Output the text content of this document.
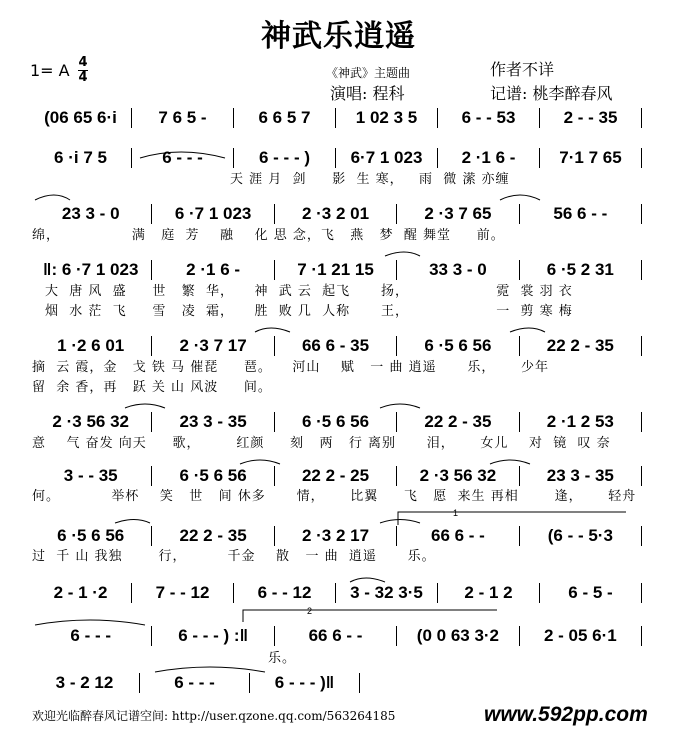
神武乐逍遥
1= A 4
4	《神武》主题曲	作者不详
演唱: 程科	记谱: 桃李醉春风
(06 65 6·i	7 6 5 -	6 6 5 7	1 02 3 5	6 - - 53	2 - - 35
6 ·i 7 5	6 - - -	6 - - - )	6·7 1 023	2 ·1 6 -	7·1 7 65
23 3 - 0	6 ·7 1 023	2 ·3 2 01	2 ·3 7 65	56 6 - -
‖: 6 ·7 1 023	2 ·1 6 -	7 ·1 21 15	33 3 - 0	6 ·5 2 31
1 ·2 6 01	2 ·3 7 17	66 6 - 35	6 ·5 6 56	22 2 - 35
2 ·3 56 32	23 3 - 35	6 ·5 6 56	22 2 - 35	2 ·1 2 53
3 - - 35	6 ·5 6 56	22 2 - 25	2 ·3 56 32	23 3 - 35
6 ·5 6 56	22 2 - 35	2 ·3 2 17	66 6 - -	(6 - - 5·3
2 - 1 ·2	7 - - 12	6 - - 12	3 - 32 3·5	2 - 1 2	6 - 5 -
6 - - -	6 - - - ) :‖	66 6 - -	(0 0 63 3·2	2 - 05 6·1
3 - 2 12	6 - - -	6 - - - )‖
天 涯 月  剑     影  生 寒，   雨  微 潆 亦缠
绵，              满   庭  芳    融    化 思 念，飞   燕   梦  醒 舞堂     前。
大  唐 风  盛     世   繁  华，    神  武 云  起飞      扬，                 霓  裳 羽 衣
烟  水 茫  飞     雪   凌  霜，    胜  败 几  人称      王，                 一  剪 寒 梅
摘  云 霞，金   戈 铁 马 催琵     琶。    河山    赋   一 曲 逍遥      乐，     少年
留  余 香，再   跃 关 山 风波     间。
意    气 奋发 向天     歌，       红颜     刻   两   行 离别      泪，     女儿    对  镜  叹 奈
何。          举杯    笑   世   间 休多      情，     比翼     飞   愿  来生 再相       逢，     轻舟
过  千 山 我独       行，        千金    散   一 曲  逍遥      乐。
乐。
1
2
欢迎光临醉春风记谱空间: http://user.qzone.qq.com/563264185	www.592pp.com
